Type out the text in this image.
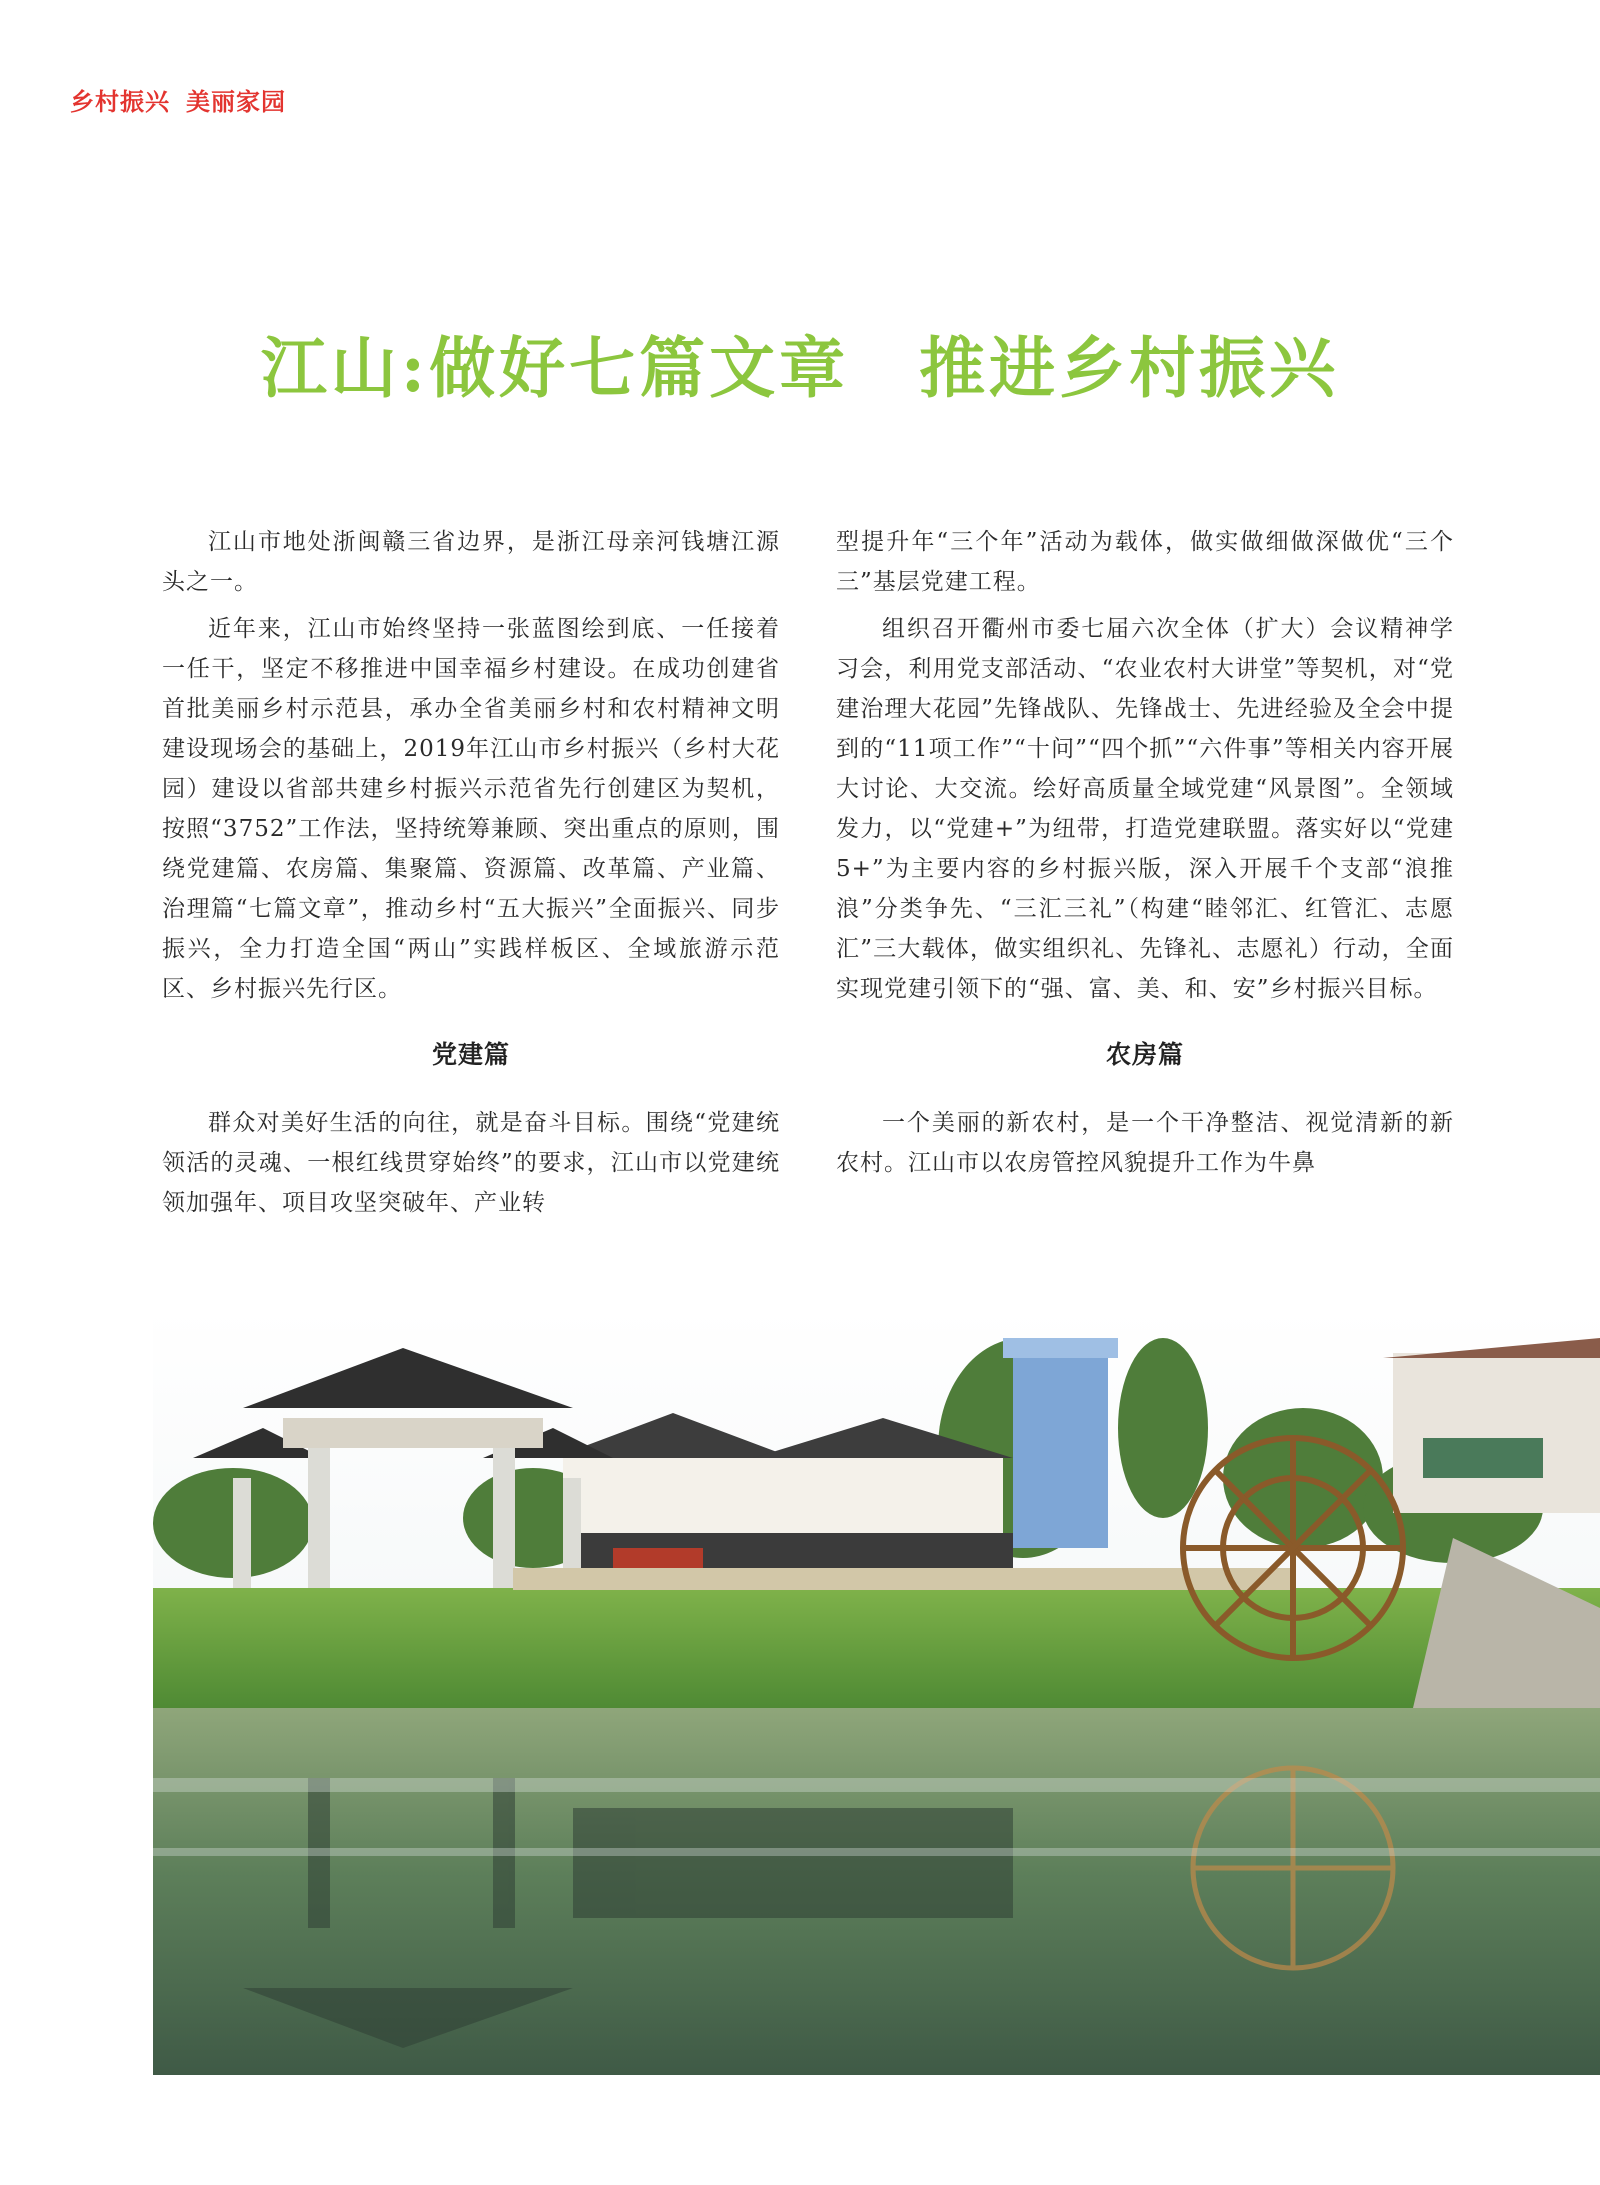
乡村振兴 美丽家园
江山:做好七篇文章　推进乡村振兴

江山市地处浙闽赣三省边界，是浙江母亲河钱塘江源头之一。

近年来，江山市始终坚持一张蓝图绘到底、一任接着一任干，坚定不移推进中国幸福乡村建设。在成功创建省首批美丽乡村示范县，承办全省美丽乡村和农村精神文明建设现场会的基础上，2019年江山市乡村振兴（乡村大花园）建设以省部共建乡村振兴示范省先行创建区为契机，按照“3752”工作法，坚持统筹兼顾、突出重点的原则，围绕党建篇、农房篇、集聚篇、资源篇、改革篇、产业篇、治理篇“七篇文章”，推动乡村“五大振兴”全面振兴、同步振兴，全力打造全国“两山”实践样板区、全域旅游示范区、乡村振兴先行区。

党建篇

群众对美好生活的向往，就是奋斗目标。围绕“党建统领活的灵魂、一根红线贯穿始终”的要求，江山市以党建统领加强年、项目攻坚突破年、产业转

型提升年“三个年”活动为载体，做实做细做深做优“三个三”基层党建工程。

组织召开衢州市委七届六次全体（扩大）会议精神学习会，利用党支部活动、“农业农村大讲堂”等契机，对“党建治理大花园”先锋战队、先锋战士、先进经验及全会中提到的“11项工作”“十问”“四个抓”“六件事”等相关内容开展大讨论、大交流。绘好高质量全域党建“风景图”。全领域发力，以“党建+”为纽带，打造党建联盟。落实好以“党建5+”为主要内容的乡村振兴版，深入开展千个支部“浪推浪”分类争先、“三汇三礼”（构建“睦邻汇、红管汇、志愿汇”三大载体，做实组织礼、先锋礼、志愿礼）行动，全面实现党建引领下的“强、富、美、和、安”乡村振兴目标。

农房篇

一个美丽的新农村，是一个干净整洁、视觉清新的新农村。江山市以农房管控风貌提升工作为牛鼻
